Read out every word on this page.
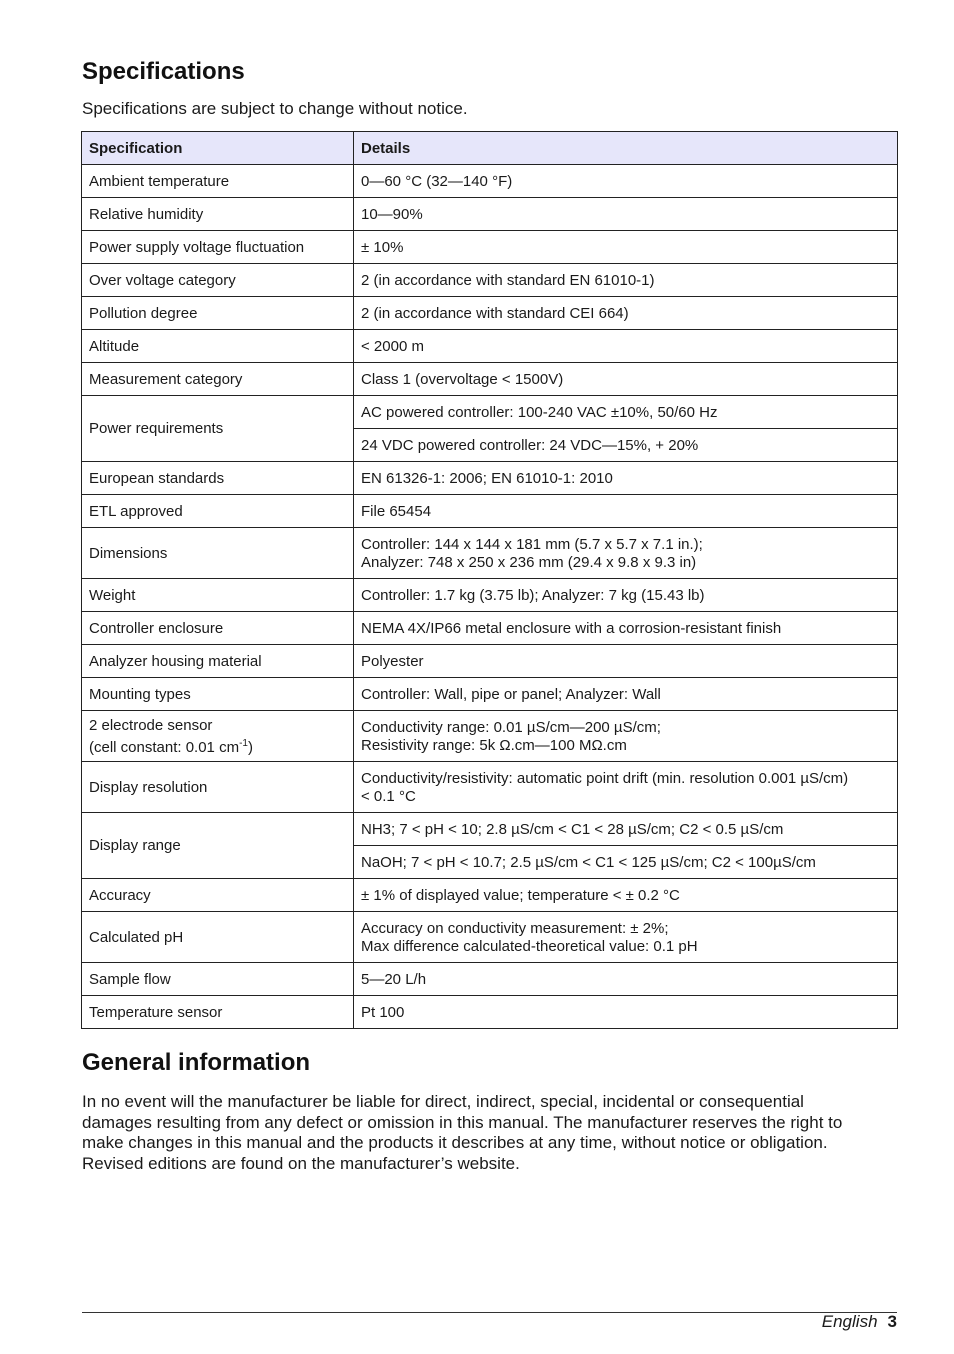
Specifications

Specifications are subject to change without notice.

Specification	Details
Ambient temperature	0—60 °C (32—140 °F)
Relative humidity	10—90%
Power supply voltage fluctuation	± 10%
Over voltage category	2 (in accordance with standard EN 61010-1)
Pollution degree	2 (in accordance with standard CEI 664)
Altitude	< 2000 m
Measurement category	Class 1 (overvoltage < 1500V)
Power requirements	AC powered controller: 100-240 VAC ±10%, 50/60 Hz
	24 VDC powered controller: 24 VDC—15%, + 20%
European standards	EN 61326-1: 2006; EN 61010-1: 2010
ETL approved	File 65454
Dimensions	Controller: 144 x 144 x 181 mm (5.7 x 5.7 x 7.1 in.);
Analyzer: 748 x 250 x 236 mm (29.4 x 9.8 x 9.3 in)

Weight	Controller: 1.7 kg (3.75 lb); Analyzer: 7 kg (15.43 lb)
Controller enclosure	NEMA 4X/IP66 metal enclosure with a corrosion-resistant finish
Analyzer housing material	Polyester
Mounting types	Controller: Wall, pipe or panel; Analyzer: Wall

2 electrode sensor
(cell constant: 0.01 $cm^{-1}$)	Conductivity range: 0.01 µS/cm—200 µS/cm;
Resistivity range: 5k Ω.cm—100 MΩ.cm

Display resolution	Conductivity/resistivity: automatic point drift (min. resolution 0.001 µS/cm)
< 0.1 °C

Display range	NH3; 7 < pH < 10; 2.8 µS/cm < C1 < 28 µS/cm; C2 < 0.5 µS/cm
	NaOH; 7 < pH < 10.7; 2.5 µS/cm < C1 < 125 µS/cm; C2 < 100µS/cm
Accuracy	± 1% of displayed value; temperature < ± 0.2 °C
Calculated pH	Accuracy on conductivity measurement: ± 2%;
Max difference calculated-theoretical value: 0.1 pH

Sample flow	5—20 L/h
Temperature sensor	Pt 100
General information

In no event will the manufacturer be liable for direct, indirect, special, incidental or consequential
damages resulting from any defect or omission in this manual. The manufacturer reserves the right to
make changes in this manual and the products it describes at any time, without notice or obligation.
Revised editions are found on the manufacturer’s website.

English 3
